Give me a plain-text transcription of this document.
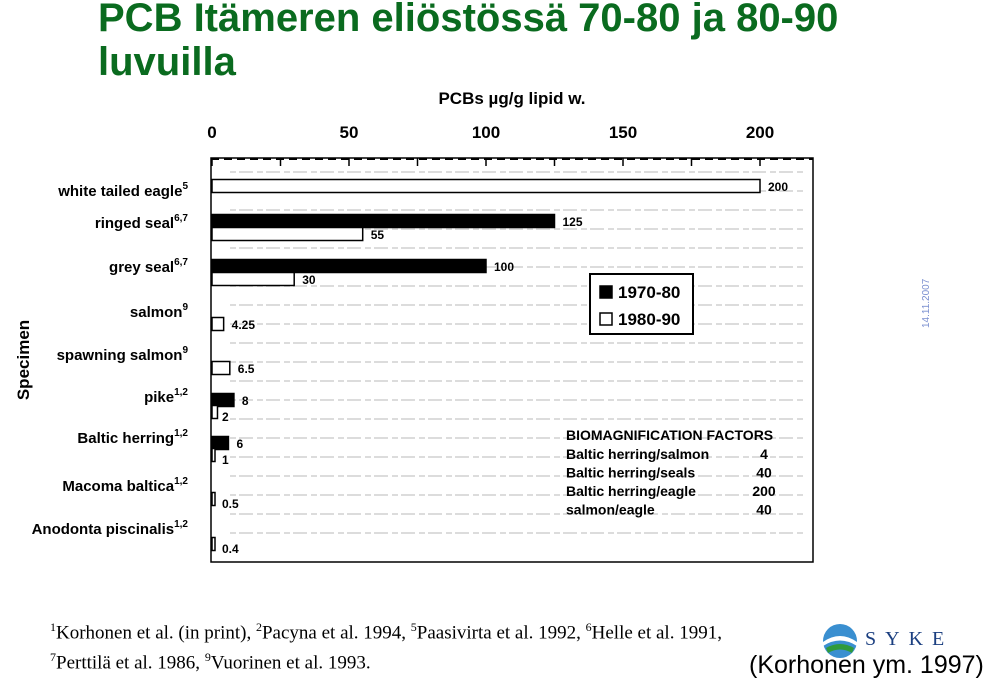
PCB Itämeren eliöstössä 70-80 ja 80-90
luvuilla
14.11.2007
PCBs µg/g lipid w.
0	50	100	150	200
Specimen
white tailed eagle$^5$
ringed seal$^{6,7}$
grey seal$^{6,7}$
salmon$^9$
spawning salmon$^9$
pike$^{1,2}$
Baltic herring$^{1,2}$
Macoma baltica$^{1,2}$
Anodonta piscinalis$^{1,2}$
125
100
8
6
200
55
30
4.25
6.5
2
1
0.5
0.4
1970-80
1980-90
BIOMAGNIFICATION FACTORS
Baltic herring/salmon	4
Baltic herring/seals	40
Baltic herring/eagle	200
salmon/eagle	40
$^1$Korhonen et al. (in print), $^2$Pacyna et al. 1994, $^5$Paasivirta et al. 1992, $^6$Helle et al. 1991,
$^7$Perttilä et al. 1986, $^9$Vuorinen et al. 1993.
SYKE
(Korhonen ym. 1997)
